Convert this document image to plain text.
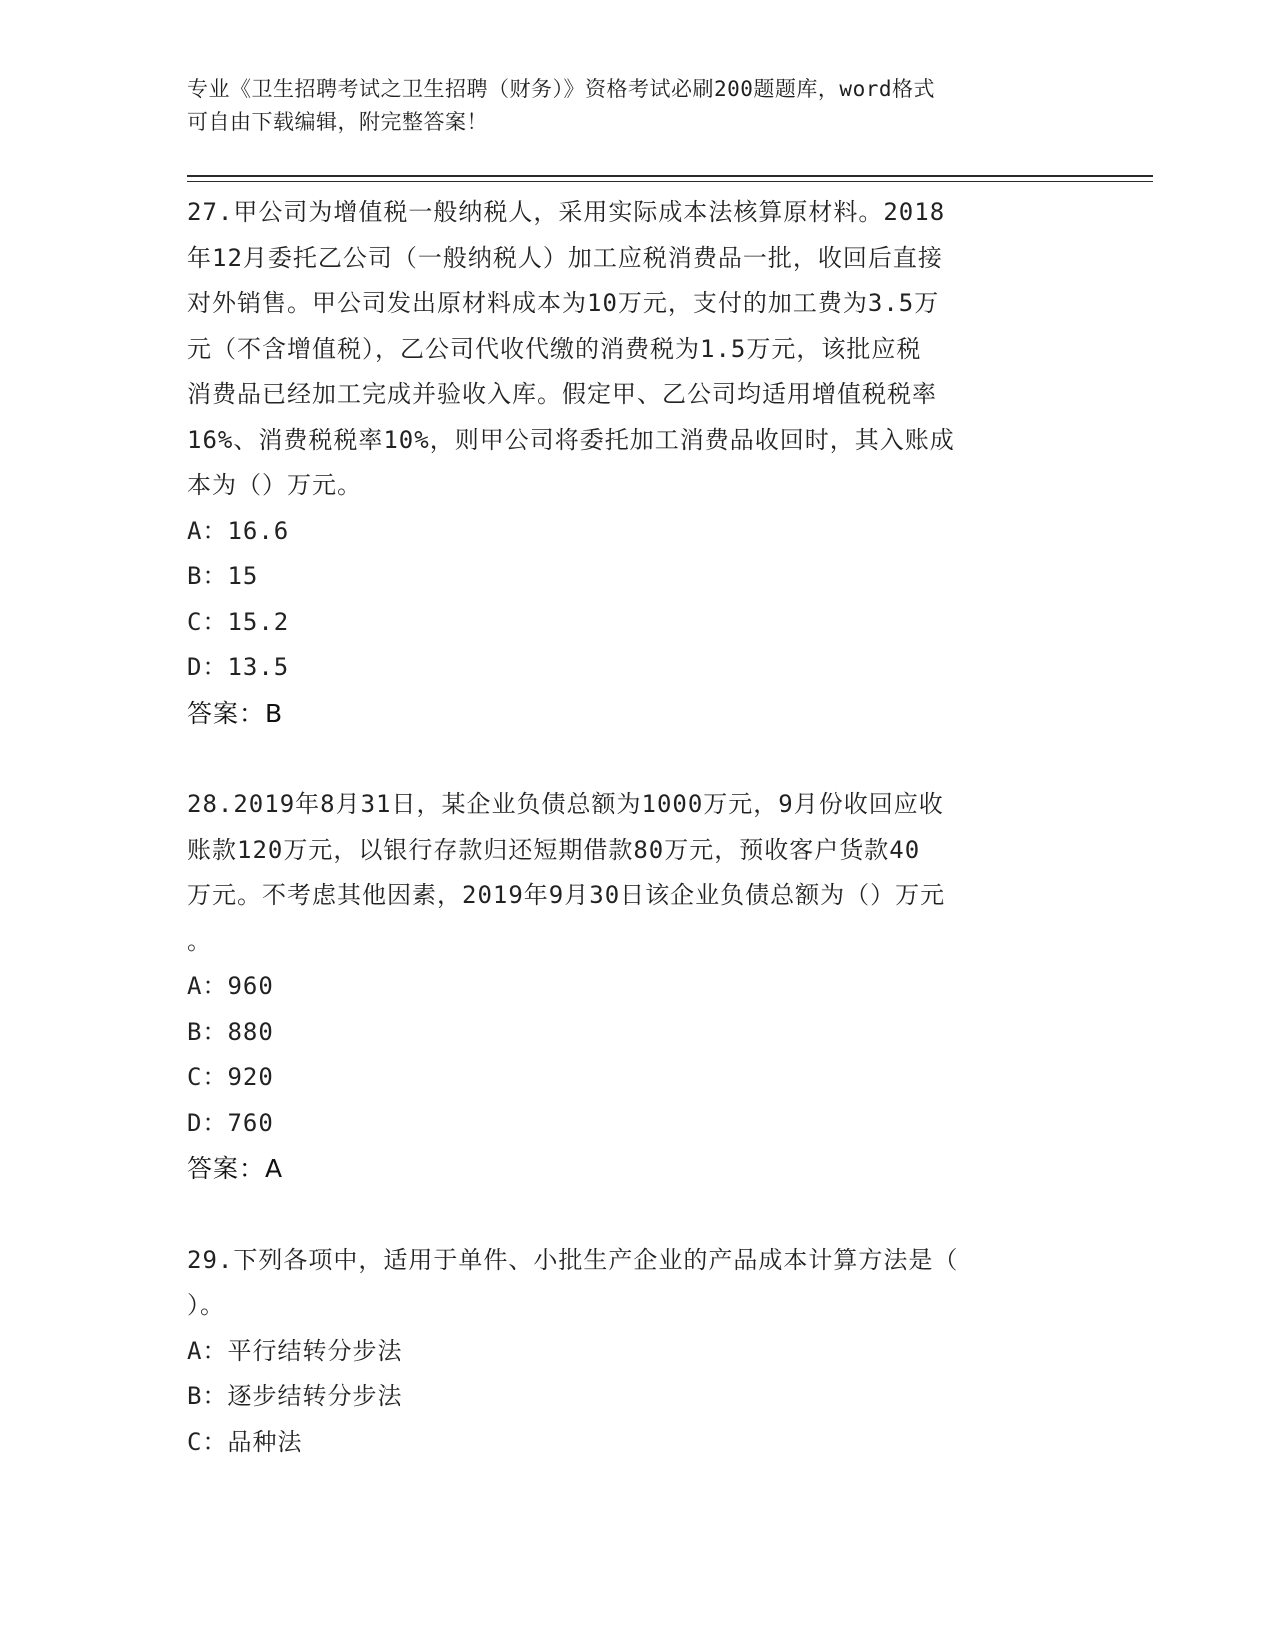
专业《卫生招聘考试之卫生招聘（财务）》资格考试必刷200题题库，word格式
可自由下载编辑，附完整答案！
27.甲公司为增值税一般纳税人，采用实际成本法核算原材料。2018
年12月委托乙公司（一般纳税人）加工应税消费品一批，收回后直接
对外销售。甲公司发出原材料成本为10万元，支付的加工费为3.5万
元（不含增值税），乙公司代收代缴的消费税为1.5万元，该批应税
消费品已经加工完成并验收入库。假定甲、乙公司均适用增值税税率
16%、消费税税率10%，则甲公司将委托加工消费品收回时，其入账成
本为（）万元。
A：16.6
B：15
C：15.2
D：13.5
答案：B
28.2019年8月31日，某企业负债总额为1000万元，9月份收回应收
账款120万元，以银行存款归还短期借款80万元，预收客户货款40
万元。不考虑其他因素，2019年9月30日该企业负债总额为（）万元
。
A：960
B：880
C：920
D：760
答案：A
29.下列各项中，适用于单件、小批生产企业的产品成本计算方法是（
）。
A：平行结转分步法
B：逐步结转分步法
C：品种法
